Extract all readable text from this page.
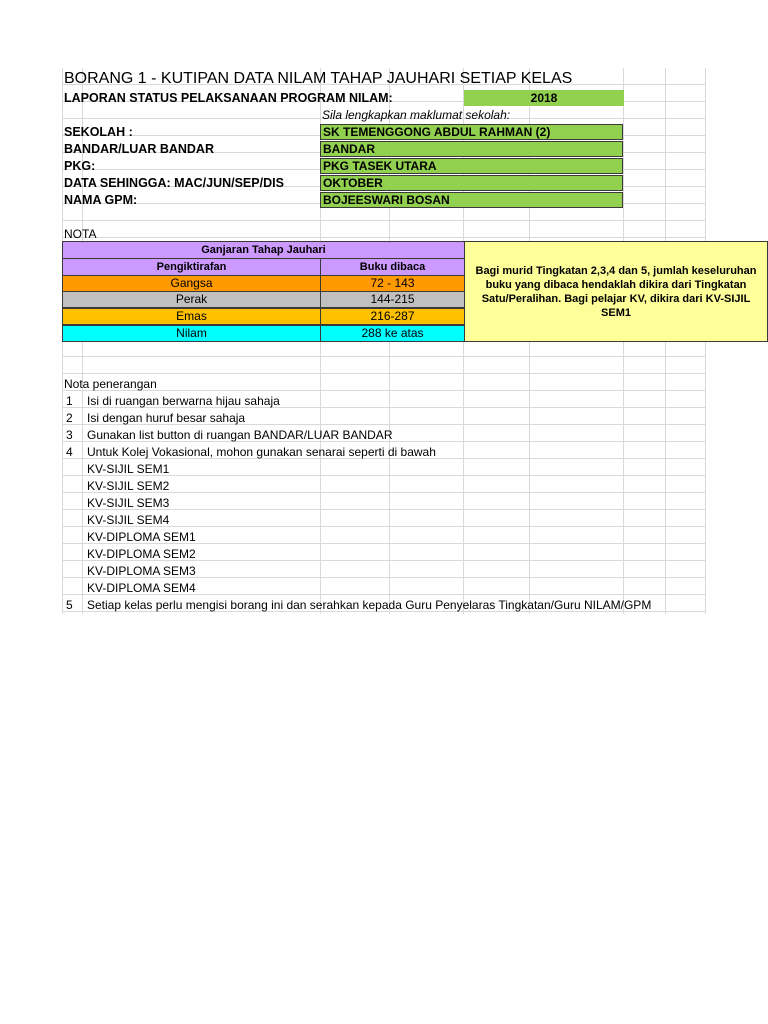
BORANG 1 - KUTIPAN DATA NILAM TAHAP JAUHARI SETIAP KELAS
LAPORAN STATUS PELAKSANAAN PROGRAM NILAM:	2018
Sila lengkapkan maklumat sekolah:
SEKOLAH :	SK TEMENGGONG ABDUL RAHMAN (2)
BANDAR/LUAR BANDAR	BANDAR
PKG:	PKG TASEK UTARA
DATA SEHINGGA: MAC/JUN/SEP/DIS	OKTOBER
NAMA GPM:	BOJEESWARI BOSAN
NOTA
Ganjaran Tahap Jauhari
Pengiktirafan	Buku dibaca
Gangsa	72 - 143
Perak	144-215
Emas	216-287
Nilam	288 ke atas
Bagi murid Tingkatan 2,3,4 dan 5, jumlah keseluruhan buku yang dibaca hendaklah dikira dari Tingkatan Satu/Peralihan. Bagi pelajar KV, dikira dari KV-SIJIL SEM1
Nota penerangan
1 Isi di ruangan berwarna hijau sahaja
2 Isi dengan huruf besar sahaja
3 Gunakan list button di ruangan BANDAR/LUAR BANDAR
4 Untuk Kolej Vokasional, mohon gunakan senarai seperti di bawah
KV-SIJIL SEM1
KV-SIJIL SEM2
KV-SIJIL SEM3
KV-SIJIL SEM4
KV-DIPLOMA SEM1
KV-DIPLOMA SEM2
KV-DIPLOMA SEM3
KV-DIPLOMA SEM4
5 Setiap kelas perlu mengisi borang ini dan serahkan kepada Guru Penyelaras Tingkatan/Guru NILAM/GPM
